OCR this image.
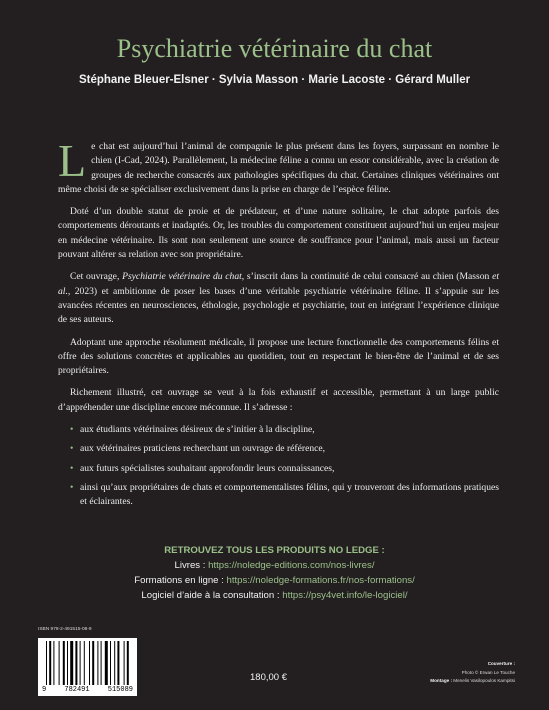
Psychiatrie vétérinaire du chat
Stéphane Bleuer-Elsner · Sylvia Masson · Marie Lacoste · Gérard Muller

Le chat est aujourd’hui l’animal de compagnie le plus présent dans les foyers, surpassant en nombre le chien (I-Cad, 2024). Parallèlement, la médecine féline a connu un essor considérable, avec la création de groupes de recherche consacrés aux pathologies spécifiques du chat. Certaines cliniques vétérinaires ont même choisi de se spécialiser exclusivement dans la prise en charge de l’espèce féline.

Doté d’un double statut de proie et de prédateur, et d’une nature solitaire, le chat adopte parfois des comportements déroutants et inadaptés. Or, les troubles du comportement constituent aujourd’hui un enjeu majeur en médecine vétérinaire. Ils sont non seulement une source de souffrance pour l’animal, mais aussi un facteur pouvant altérer sa relation avec son propriétaire.

Cet ouvrage, Psychiatrie vétérinaire du chat, s’inscrit dans la continuité de celui consacré au chien (Masson et al., 2023) et ambitionne de poser les bases d’une véritable psychiatrie vétérinaire féline. Il s’appuie sur les avancées récentes en neurosciences, éthologie, psychologie et psychiatrie, tout en intégrant l’expérience clinique de ses auteurs.

Adoptant une approche résolument médicale, il propose une lecture fonctionnelle des comportements félins et offre des solutions concrètes et applicables au quotidien, tout en respectant le bien-être de l’animal et de ses propriétaires.

Richement illustré, cet ouvrage se veut à la fois exhaustif et accessible, permettant à un large public d’appréhender une discipline encore méconnue. Il s’adresse :

• aux étudiants vétérinaires désireux de s’initier à la discipline,
• aux vétérinaires praticiens recherchant un ouvrage de référence,
• aux futurs spécialistes souhaitant approfondir leurs connaissances,
• ainsi qu’aux propriétaires de chats et comportementalistes félins, qui y trouveront des informations pratiques et éclairantes.
RETROUVEZ TOUS LES PRODUITS NO LEDGE :
Livres : https://noledge-editions.com/nos-livres/
Formations en ligne : https://noledge-formations.fr/nos-formations/
Logiciel d’aide à la consultation : https://psy4vet.info/le-logiciel/
ISBN 978-2-491515-08-9
9	782491	515089
180,00 €
Couverture :
Photo © Erwan Le Touche
Montage : Menelis Vasilopoulos Kampitsi
